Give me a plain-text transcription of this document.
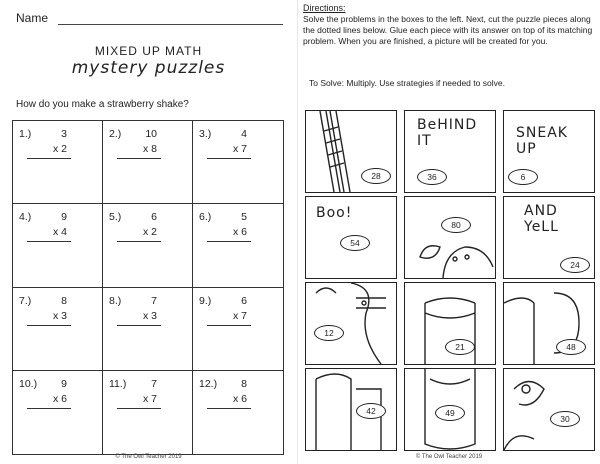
Name
MIXED UP MATH
mystery puzzles
How do you make a strawberry shake?
1.)	3
x 2
2.)	10
x 8
3.)	4
x 7
4.)	9
x 4
5.)	6
x 2
6.)	5
x 6
7.)	8
x 3
8.)	7
x 3
9.)	6
x 7
10.)	9
x 6
11.)	7
x 7
12.)	8
x 6
© The Owl Teacher 2019
Directions:
Solve the problems in the boxes to the left. Next, cut the puzzle pieces along the dotted lines below. Glue each piece with its answer on top of its matching problem. When you are finished, a picture will be created for you.
To Solve: Multiply. Use strategies if needed to solve.
28
BeHIND
IT
36
SNEAK
UP
6
Boo!
54
80
AND
YeLL
24
12
21	48
42	49
30
© The Owl Teacher 2019
